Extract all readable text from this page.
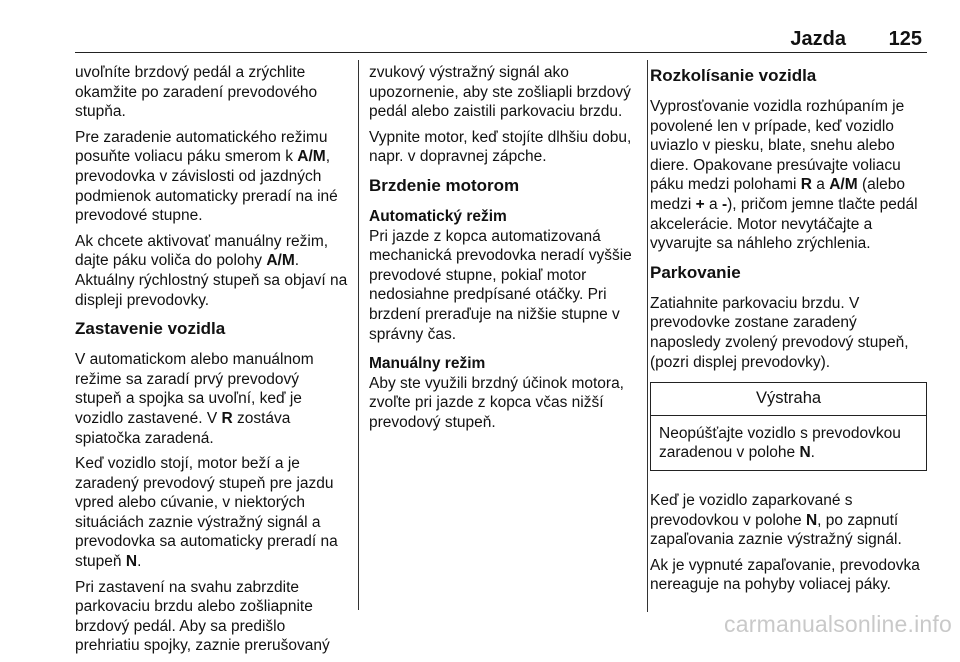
Jazda 125

uvoľníte brzdový pedál a zrýchlite okamžite po zaradení prevodového stupňa.

Pre zaradenie automatického režimu posuňte voliacu páku smerom k A/M, prevodovka v závislosti od jazdných podmienok automaticky preradí na iné prevodové stupne.

Ak chcete aktivovať manuálny režim, dajte páku voliča do polohy A/M. Aktuálny rýchlostný stupeň sa objaví na displeji prevodovky.

Zastavenie vozidla

V automatickom alebo manuálnom režime sa zaradí prvý prevodový stupeň a spojka sa uvoľní, keď je vozidlo zastavené. V R zostáva spiatočka zaradená.

Keď vozidlo stojí, motor beží a je zaradený prevodový stupeň pre jazdu vpred alebo cúvanie, v niektorých situáciách zaznie výstražný signál a prevodovka sa automaticky preradí na stupeň N.

Pri zastavení na svahu zabrzdite parkovaciu brzdu alebo zošliapnite brzdový pedál. Aby sa predišlo prehriatiu spojky, zaznie prerušovaný

zvukový výstražný signál ako upozornenie, aby ste zošliapli brzdový pedál alebo zaistili parkovaciu brzdu.

Vypnite motor, keď stojíte dlhšiu dobu, napr. v dopravnej zápche.

Brzdenie motorom
Automatický režim

Pri jazde z kopca automatizovaná mechanická prevodovka neradí vyššie prevodové stupne, pokiaľ motor nedosiahne predpísané otáčky. Pri brzdení preraďuje na nižšie stupne v správny čas.

Manuálny režim

Aby ste využili brzdný účinok motora, zvoľte pri jazde z kopca včas nižší prevodový stupeň.

Rozkolísanie vozidla

Vyprosťovanie vozidla rozhúpaním je povolené len v prípade, keď vozidlo uviazlo v piesku, blate, snehu alebo diere. Opakovane presúvajte voliacu páku medzi polohami R a A/M (alebo medzi + a -), pričom jemne tlačte pedál akcelerácie. Motor nevytáčajte a vyvarujte sa náhleho zrýchlenia.

Parkovanie

Zatiahnite parkovaciu brzdu. V prevodovke zostane zaradený naposledy zvolený prevodový stupeň, (pozri displej prevodovky).

Výstraha
Neopúšťajte vozidlo s prevodovkou zaradenou v polohe N.

Keď je vozidlo zaparkované s prevodovkou v polohe N, po zapnutí zapaľovania zaznie výstražný signál.

Ak je vypnuté zapaľovanie, prevodovka nereaguje na pohyby voliacej páky.

carmanualsonline.info
